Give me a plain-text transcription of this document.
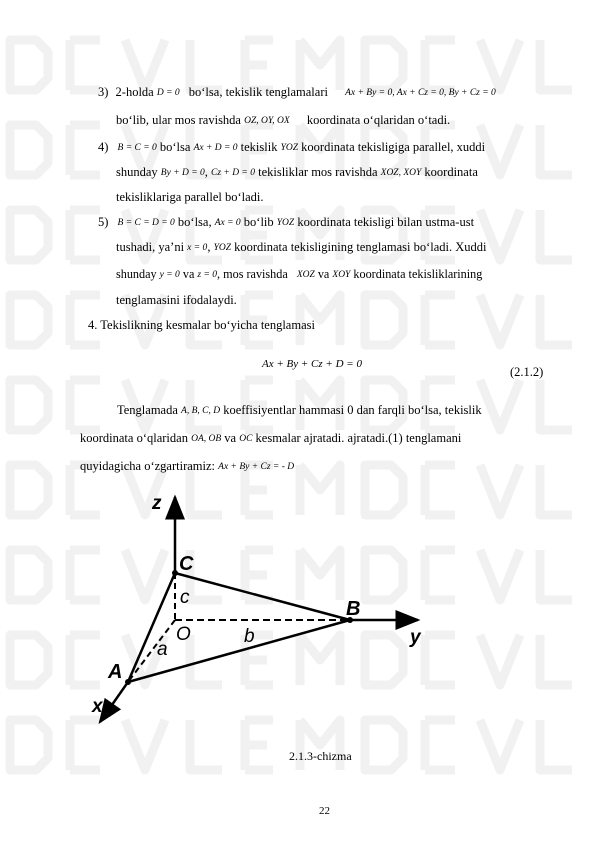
3) 2-holda D = 0 bo‘lsa, tekislik tenglamalari Ax + By = 0, Ax + Cz = 0, By + Cz = 0
bo‘lib, ular mos ravishda OZ, OY, OX koordinata o‘qlaridan o‘tadi.
4) B = C = 0 bo‘lsa Ax + D = 0 tekislik YOZ koordinata tekisligiga parallel, xuddi
shunday By + D = 0, Cz + D = 0 tekisliklar mos ravishda XOZ, XOY koordinata
tekisliklariga parallel bo‘ladi.
5) B = C = D = 0 bo‘lsa, Ax = 0 bo‘lib YOZ koordinata tekisligi bilan ustma-ust
tushadi, ya’ni x = 0, YOZ koordinata tekisligining tenglamasi bo‘ladi. Xuddi
shunday y = 0 va z = 0, mos ravishda XOZ va XOY koordinata tekisliklarining
tenglamasini ifodalaydi.
4. Tekislikning kesmalar bo‘yicha tenglamasi
Ax + By + Cz + D = 0
(2.1.2)
Tenglamada A, B, C, D koeffisiyentlar hammasi 0 dan farqli bo‘lsa, tekislik
koordinata o‘qlaridan OA, OB va OC kesmalar ajratadi. ajratadi.(1) tenglamani
quyidagicha o‘zgartiramiz: Ax + By + Cz = - D
z
C
c
B
y
O	b
a
A
x
2.1.3-chizma
22
